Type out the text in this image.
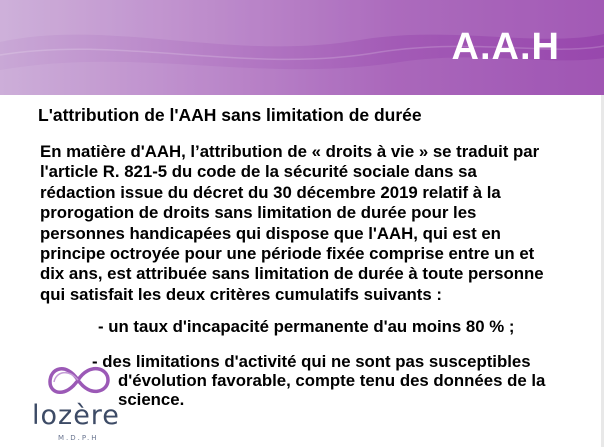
A.A.H
L'attribution de l'AAH sans limitation de durée
En matière d'AAH, l’attribution de « droits à vie » se traduit par
l'article R. 821-5 du code de la sécurité sociale dans sa
rédaction issue du décret du 30 décembre 2019 relatif à la
prorogation de droits sans limitation de durée pour les
personnes handicapées qui dispose que l'AAH, qui est en
principe octroyée pour une période fixée comprise entre un et
dix ans, est attribuée sans limitation de durée à toute personne
qui satisfait les deux critères cumulatifs suivants :
- un taux d'incapacité permanente d'au moins 80 % ;
lozère
M.D.P.H
- des limitations d'activité qui ne sont pas susceptibles
d'évolution favorable, compte tenu des données de la
science.
